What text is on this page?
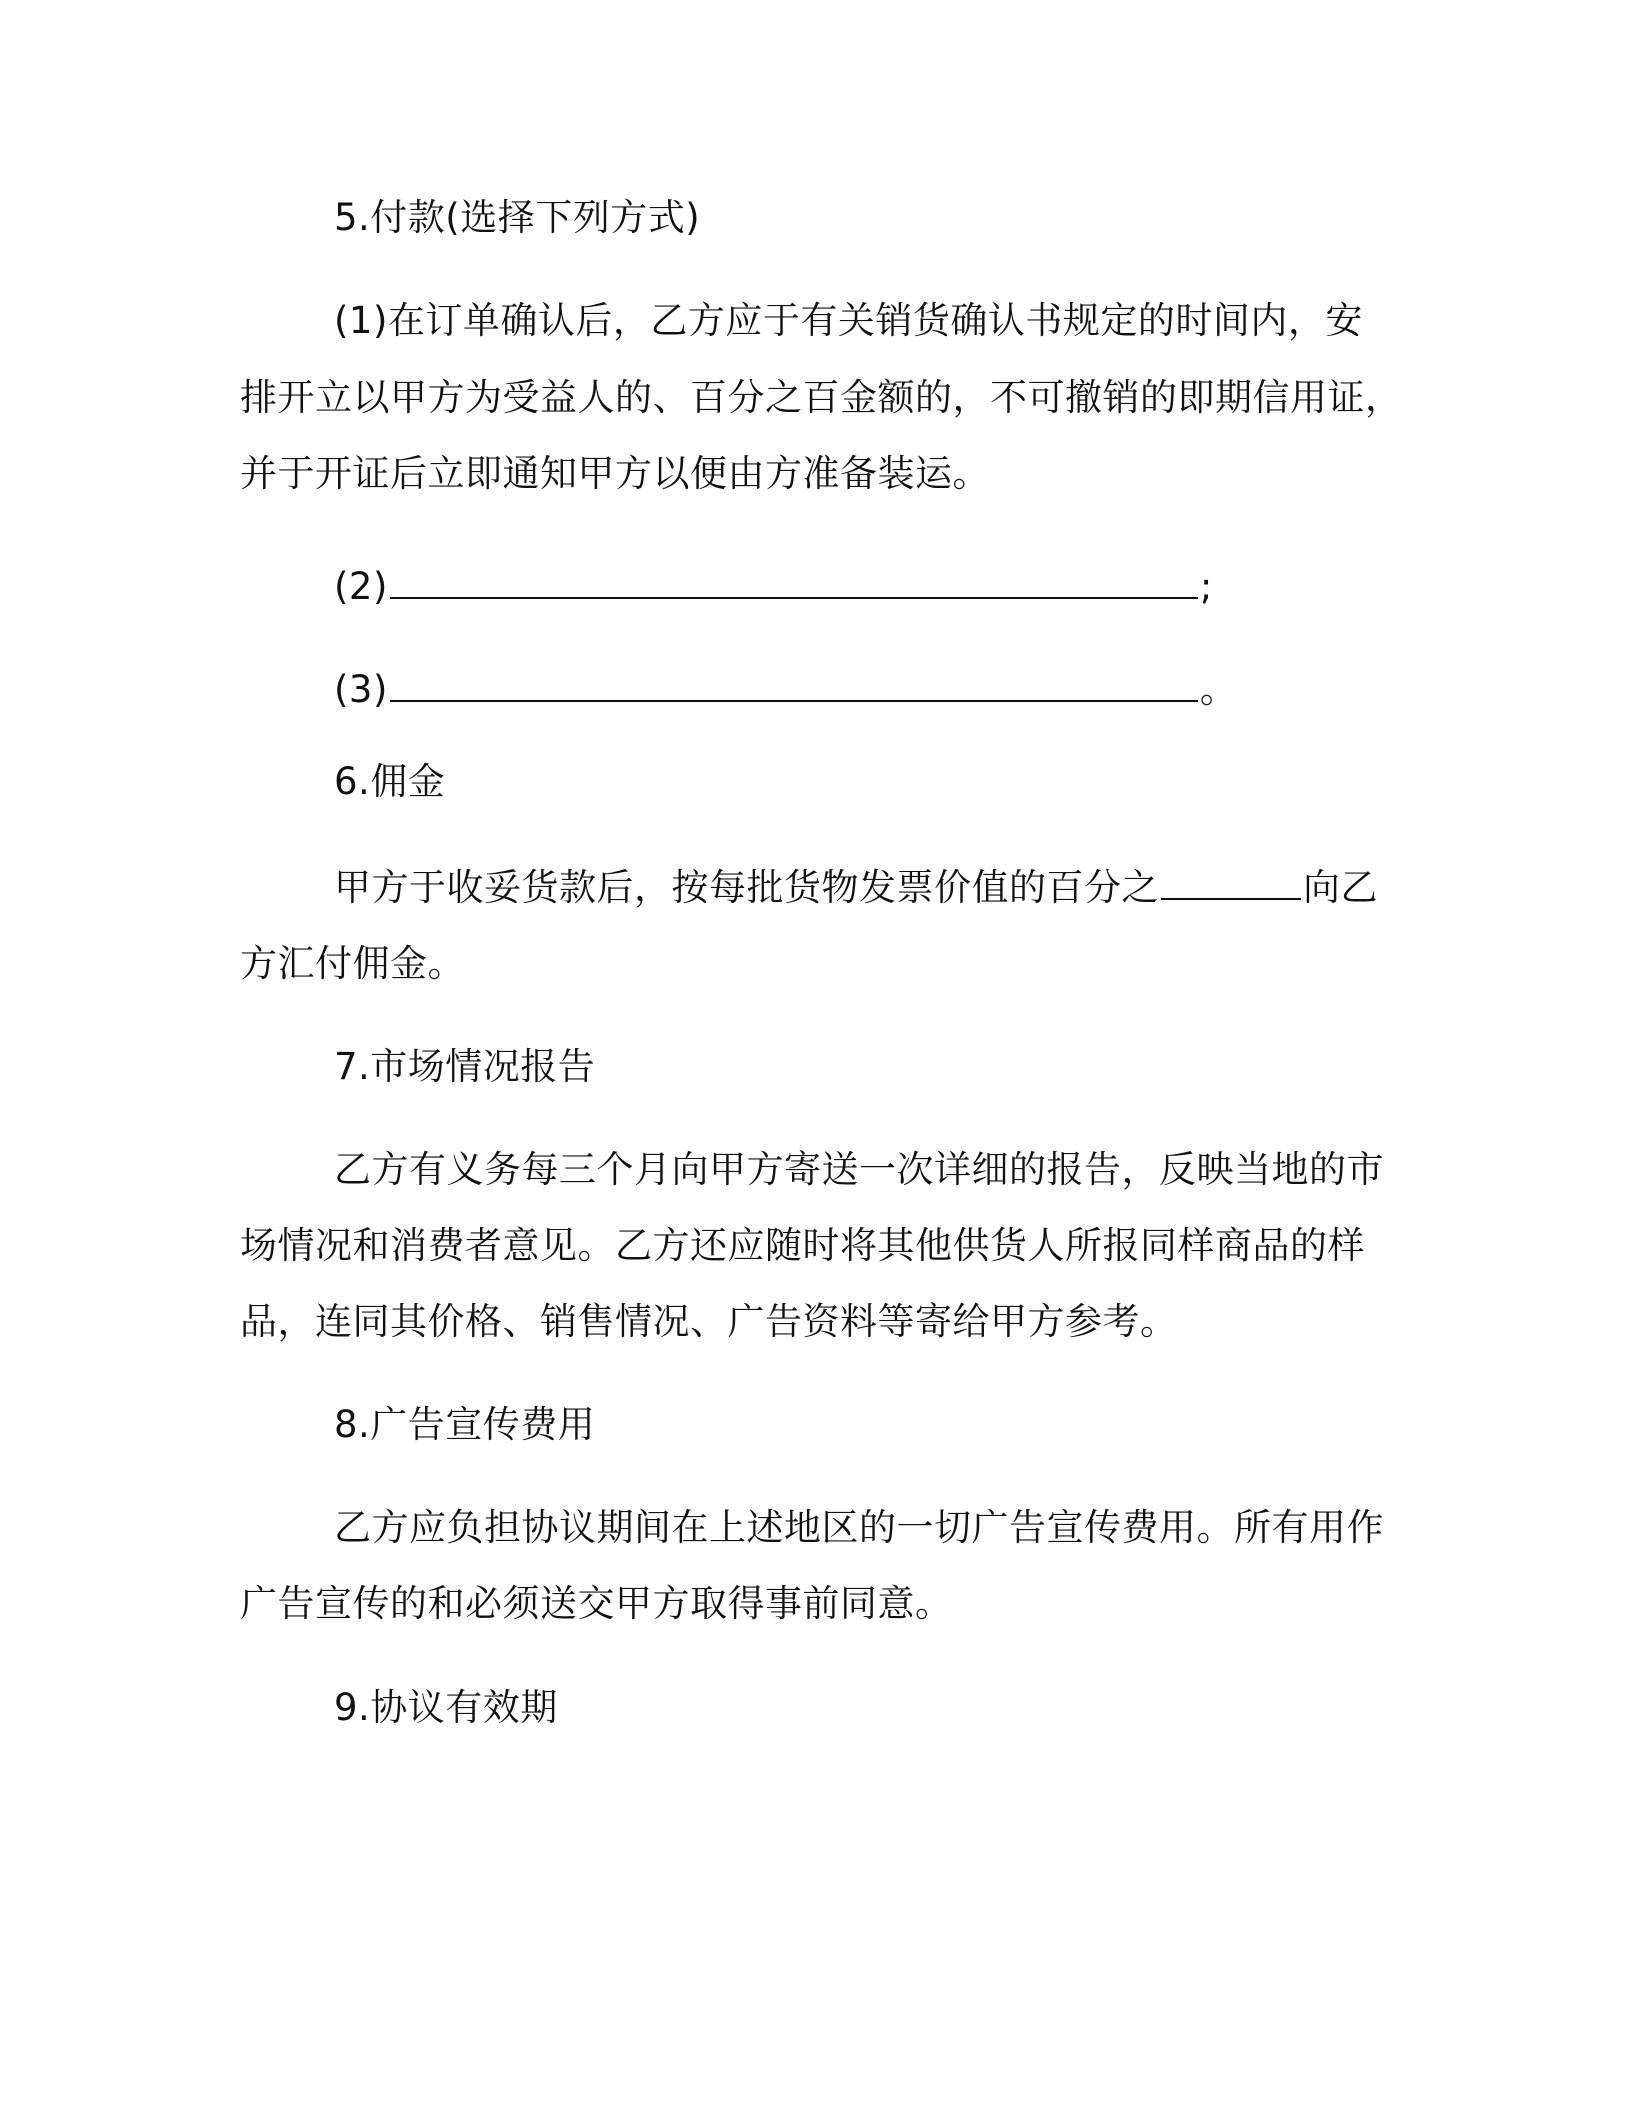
5.付款(选择下列方式)
(1)在订单确认后，乙方应于有关销货确认书规定的时间内，安
排开立以甲方为受益人的、百分之百金额的，不可撤销的即期信用证，
并于开证后立即通知甲方以便由方准备装运。
(2)	;
(3)	。
6.佣金
甲方于收妥货款后，按每批货物发票价值的百分之	向乙
方汇付佣金。
7.市场情况报告
乙方有义务每三个月向甲方寄送一次详细的报告，反映当地的市
场情况和消费者意见。乙方还应随时将其他供货人所报同样商品的样
品，连同其价格、销售情况、广告资料等寄给甲方参考。
8.广告宣传费用
乙方应负担协议期间在上述地区的一切广告宣传费用。所有用作
广告宣传的和必须送交甲方取得事前同意。
9.协议有效期
